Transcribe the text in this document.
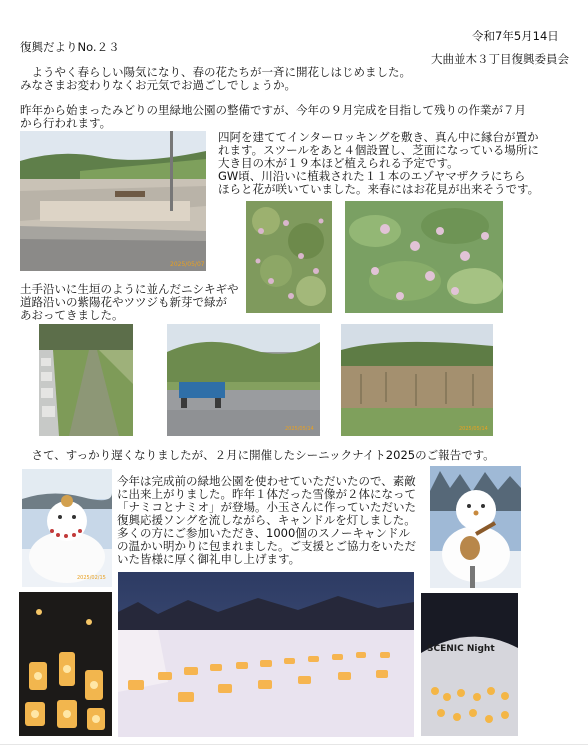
令和7年5月14日
復興だよりNo.２３
大曲並木３丁目復興委員会
　ようやく春らしい陽気になり、春の花たちが一斉に開花しはじめました。
みなさまお変わりなくお元気でお過ごしでしょうか。
昨年から始まったみどりの里緑地公園の整備ですが、今年の９月完成を目指して残りの作業が７月
から行われます。
2025/05/07
四阿を建ててインターロッキングを敷き、真ん中に縁台が置か
れます。スツールをあと４個設置し、芝面になっている場所に
大き目の木が１９本ほど植えられる予定です。
GW頃、川沿いに植栽された１１本のエゾヤマザクラにちら
ほらと花が咲いていました。来春にはお花見が出来そうです。
土手沿いに生垣のように並んだニシキギや
道路沿いの紫陽花やツツジも新芽で緑が
あおってきました。
2025/05/14	2025/05/14
　さて、すっかり遅くなりましたが、２月に開催したシーニックナイト2025のご報告です。
2025/02/15
今年は完成前の緑地公園を使わせていただいたので、素敵
に出来上がりました。昨年１体だった雪像が２体になって
「ナミコとナミオ」が登場。小玉さんに作っていただいた
復興応援ソングを流しながら、キャンドルを灯しました。
多くの方にご参加いただき、1000個のスノーキャンドル
の温かい明かりに包まれました。ご支援とご協力をいただ
いた皆様に厚く御礼申し上げます。
SCENIC Night
